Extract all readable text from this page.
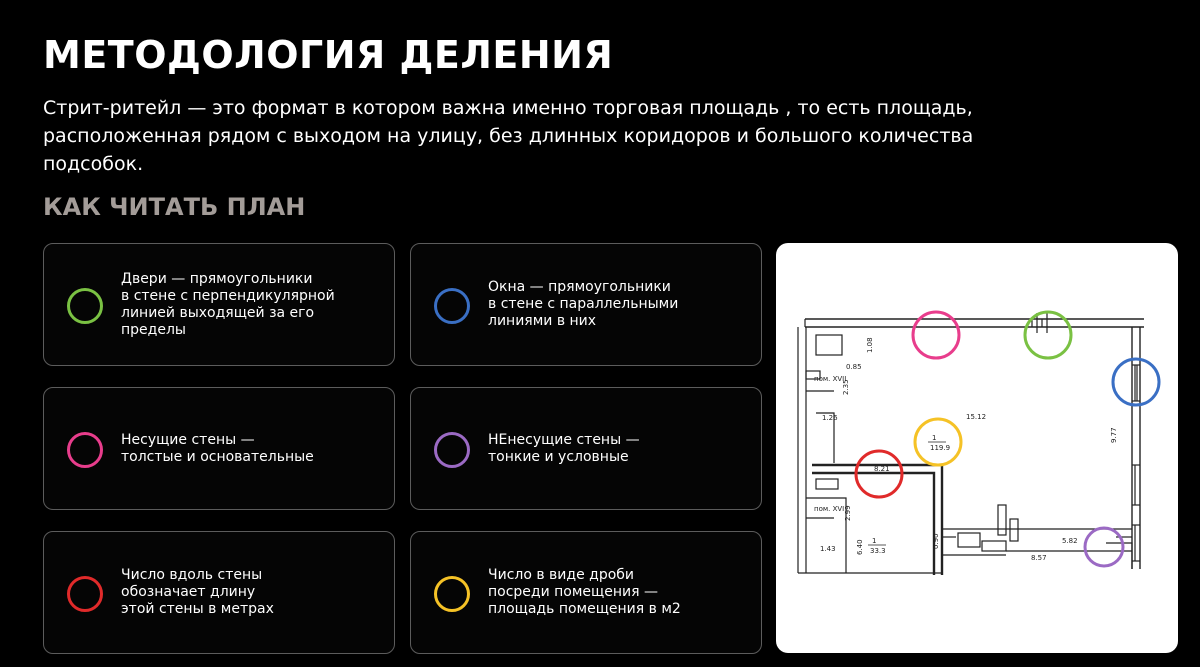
МЕТОДОЛОГИЯ ДЕЛЕНИЯ
Стрит-ритейл — это формат в котором важна именно торговая площадь , то есть площадь, расположенная рядом с выходом на улицу, без длинных коридоров и большого количества подсобок.
КАК ЧИТАТЬ ПЛАН
Двери — прямоугольники
в стене с перпендикулярной
линией выходящей за его
пределы
Окна — прямоугольники
в стене с параллельными
линиями в них
Несущие стены —
толстые и основательные
НЕнесущие стены —
тонкие и условные
Число вдоль стены
обозначает длину
этой стены в метрах
Число в виде дроби
посреди помещения —
площадь помещения в м2
1.08
0.85
пом. XVII
2.35
1.26	15.12
1
119.9
9.77
8.21
пом. XVI 2.99
1.43	6.40 1
33.3
0.90	5.82
8.57
